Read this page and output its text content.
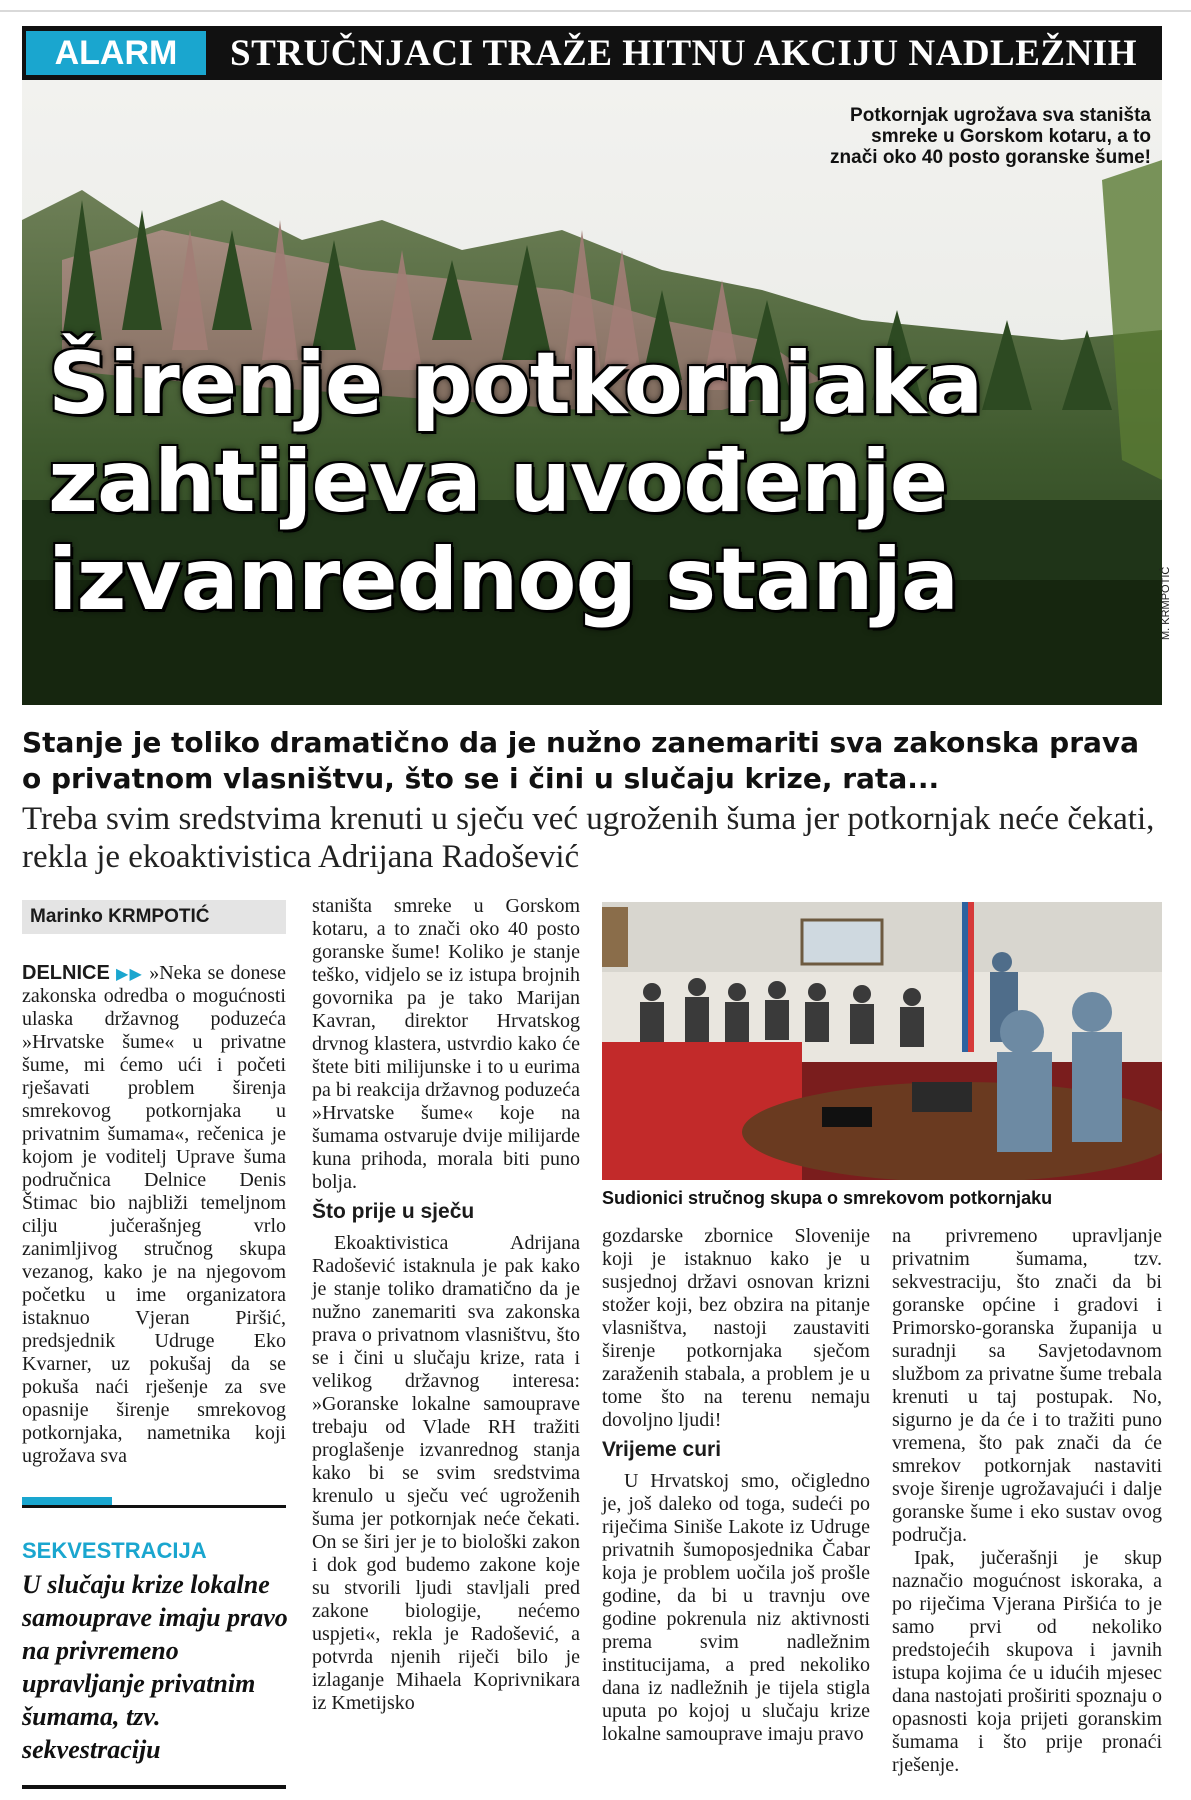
ALARM	STRUČNJACI TRAŽE HITNU AKCIJU NADLEŽNIH
Potkornjak ugrožava sva staništa
smreke u Gorskom kotaru, a to
znači oko 40 posto goranske šume!
Širenje potkornjaka
zahtijeva uvođenje
izvanrednog stanja	M. KRMPOTIĆ
Stanje je toliko dramatično da je nužno zanemariti sva zakonska prava o privatnom vlasništvu, što se i čini u slučaju krize, rata...
Treba svim sredstvima krenuti u sječu već ugroženih šuma jer potkornjak neće čekati, rekla je ekoaktivistica Adrijana Radošević
Marinko KRMPOTIĆ

DELNICE ▶▶ »Neka se donese zakonska odredba o mogućnosti ulaska državnog poduzeća »Hrvatske šume« u privatne šume, mi ćemo ući i početi rješavati problem širenja smrekovog potkornjaka u privatnim šumama«, rečenica je kojom je voditelj Uprave šuma područnica Delnice Denis Štimac bio najbliži temeljnom cilju jučerašnjeg vrlo zanimljivog stručnog skupa vezanog, kako je na njegovom početku u ime organizatora istaknuo Vjeran Piršić, predsjednik Udruge Eko Kvarner, uz pokušaj da se pokuša naći rješenje za sve opasnije širenje smrekovog potkornjaka, nametnika koji ugrožava sva

SEKVESTRACIJA
U slučaju krize lokalne samouprave imaju pravo na privremeno upravljanje privatnim šumama, tzv. sekvestraciju

staništa smreke u Gorskom kotaru, a to znači oko 40 posto goranske šume! Koliko je stanje teško, vidjelo se iz istupa brojnih govornika pa je tako Marijan Kavran, direktor Hrvatskog drvnog klastera, ustvrdio kako će štete biti milijunske i to u eurima pa bi reakcija državnog poduzeća »Hrvatske šume« koje na šumama ostvaruje dvije milijarde kuna prihoda, morala biti puno bolja.

Što prije u sječu

Ekoaktivistica Adrijana Radošević istaknula je pak kako je stanje toliko dramatično da je nužno zanemariti sva zakonska prava o privatnom vlasništvu, što se i čini u slučaju krize, rata i velikog državnog interesa: »Goranske lokalne samouprave trebaju od Vlade RH tražiti proglašenje izvanrednog stanja kako bi se svim sredstvima krenulo u sječu već ugroženih šuma jer potkornjak neće čekati. On se širi jer je to biološki zakon i dok god budemo zakone koje su stvorili ljudi stavljali pred zakone biologije, nećemo uspjeti«, rekla je Radošević, a potvrda njenih riječi bilo je izlaganje Mihaela Koprivnikara iz Kmetijsko

Sudionici stručnog skupa o smrekovom potkornjaku

gozdarske zbornice Slovenije koji je istaknuo kako je u susjednoj državi osnovan krizni stožer koji, bez obzira na pitanje vlasništva, nastoji zaustaviti širenje potkornjaka sječom zaraženih stabala, a problem je u tome što na terenu nemaju dovoljno ljudi!

Vrijeme curi

U Hrvatskoj smo, očigledno je, još daleko od toga, sudeći po riječima Siniše Lakote iz Udruge privatnih šumoposjednika Čabar koja je problem uočila još prošle godine, da bi u travnju ove godine pokrenula niz aktivnosti prema svim nadležnim institucijama, a pred nekoliko dana iz nadležnih je tijela stigla uputa po kojoj u slučaju krize lokalne samouprave imaju pravo

na privremeno upravljanje privatnim šumama, tzv. sekvestraciju, što znači da bi goranske općine i gradovi i Primorsko-goranska županija u suradnji sa Savjetodavnom službom za privatne šume trebala krenuti u taj postupak. No, sigurno je da će i to tražiti puno vremena, što pak znači da će smrekov potkornjak nastaviti svoje širenje ugrožavajući i dalje goranske šume i eko sustav ovog područja.

Ipak, jučerašnji je skup naznačio mogućnost iskoraka, a po riječima Vjerana Piršića to je samo prvi od nekoliko predstojećih skupova i javnih istupa kojima će u idućih mjesec dana nastojati proširiti spoznaju o opasnosti koja prijeti goranskim šumama i što prije pronaći rješenje.
